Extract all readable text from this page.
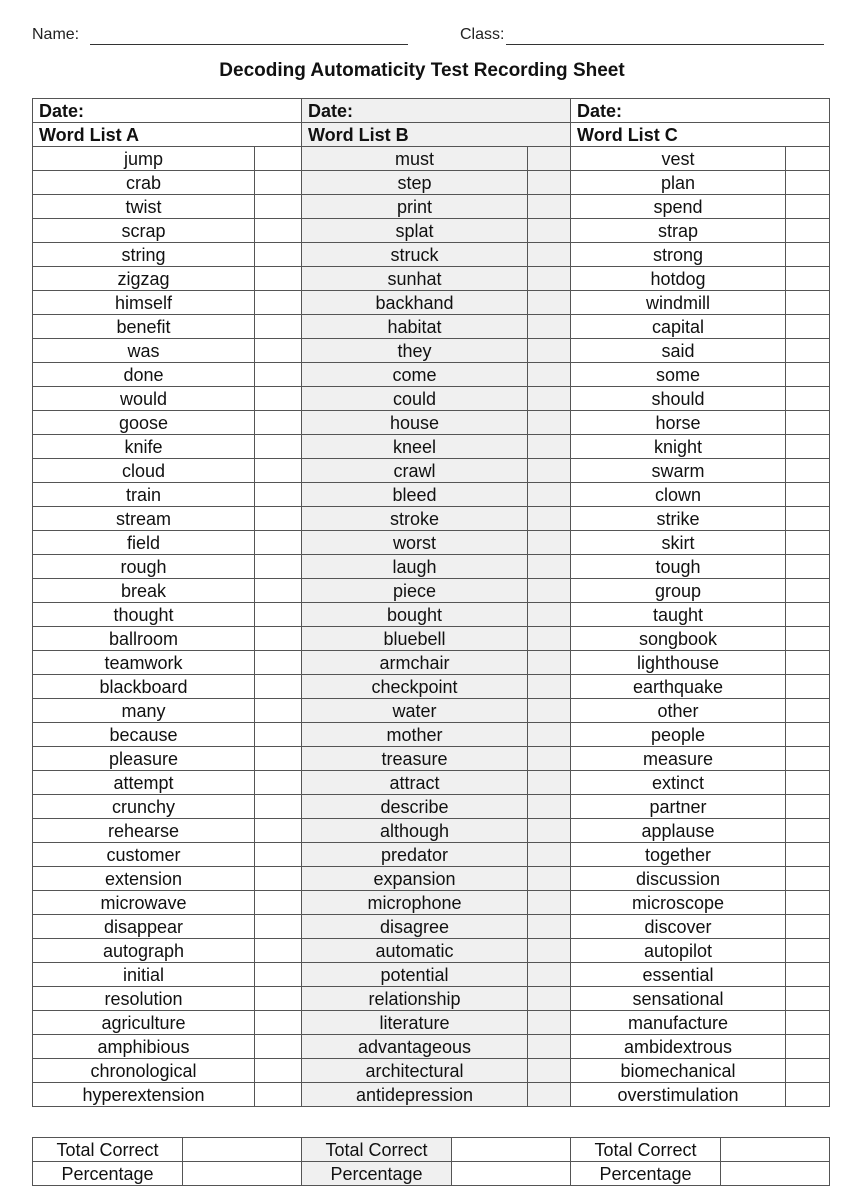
Name:	Class:
Decoding Automaticity Test Recording Sheet
Date:		Date:		Date:	
Word List A		Word List B		Word List C	
jump		must		vest	
crab		step		plan	
twist		print		spend	
scrap		splat		strap	
string		struck		strong	
zigzag		sunhat		hotdog	
himself		backhand		windmill	
benefit		habitat		capital	
was		they		said	
done		come		some	
would		could		should	
goose		house		horse	
knife		kneel		knight	
cloud		crawl		swarm	
train		bleed		clown	
stream		stroke		strike	
field		worst		skirt	
rough		laugh		tough	
break		piece		group	
thought		bought		taught	
ballroom		bluebell		songbook	
teamwork		armchair		lighthouse	
blackboard		checkpoint		earthquake	
many		water		other	
because		mother		people	
pleasure		treasure		measure	
attempt		attract		extinct	
crunchy		describe		partner	
rehearse		although		applause	
customer		predator		together	
extension		expansion		discussion	
microwave		microphone		microscope	
disappear		disagree		discover	
autograph		automatic		autopilot	
initial		potential		essential	
resolution		relationship		sensational	
agriculture		literature		manufacture	
amphibious		advantageous		ambidextrous	
chronological		architectural		biomechanical	
hyperextension		antidepression		overstimulation	
Total Correct		Total Correct		Total Correct	
Percentage		Percentage		Percentage	
